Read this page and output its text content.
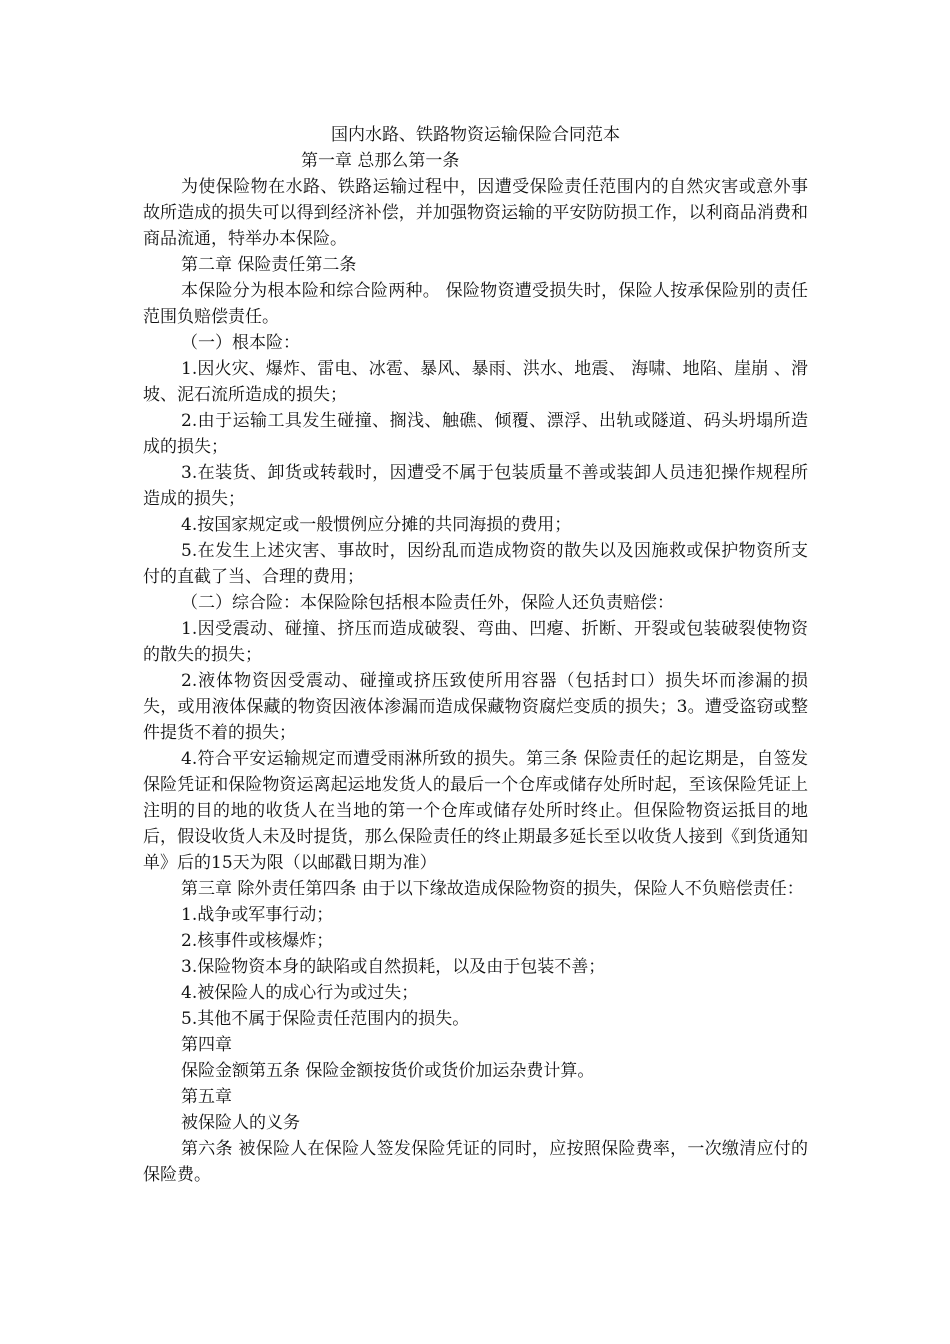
国内水路、铁路物资运输保险合同范本
第一章 总那么第一条

为使保险物在水路、铁路运输过程中，因遭受保险责任范围内的自然灾害或意外事故所造成的损失可以得到经济补偿，并加强物资运输的平安防防损工作，以利商品消费和商品流通，特举办本保险。

第二章 保险责任第二条

本保险分为根本险和综合险两种。 保险物资遭受损失时，保险人按承保险别的责任范围负赔偿责任。

（一）根本险：

1.因火灾、爆炸、雷电、冰雹、暴风、暴雨、洪水、地震、 海啸、地陷、崖崩 、滑坡、泥石流所造成的损失；

2.由于运输工具发生碰撞、搁浅、触礁、倾覆、漂浮、出轨或隧道、码头坍塌所造成的损失；

3.在装货、卸货或转载时，因遭受不属于包装质量不善或装卸人员违犯操作规程所造成的损失；

4.按国家规定或一般惯例应分摊的共同海损的费用；

5.在发生上述灾害、事故时，因纷乱而造成物资的散失以及因施救或保护物资所支付的直截了当、合理的费用；

（二）综合险：本保险除包括根本险责任外，保险人还负责赔偿：

1.因受震动、碰撞、挤压而造成破裂、弯曲、凹瘪、折断、开裂或包装破裂使物资的散失的损失；

2.液体物资因受震动、碰撞或挤压致使所用容器（包括封口）损失坏而渗漏的损失，或用液体保藏的物资因液体渗漏而造成保藏物资腐烂变质的损失；3。遭受盗窃或整件提货不着的损失；

4.符合平安运输规定而遭受雨淋所致的损失。第三条 保险责任的起讫期是，自签发保险凭证和保险物资运离起运地发货人的最后一个仓库或储存处所时起，至该保险凭证上注明的目的地的收货人在当地的第一个仓库或储存处所时终止。但保险物资运抵目的地后，假设收货人未及时提货，那么保险责任的终止期最多延长至以收货人接到《到货通知单》后的15天为限（以邮戳日期为准）

第三章 除外责任第四条 由于以下缘故造成保险物资的损失，保险人不负赔偿责任：

1.战争或军事行动；

2.核事件或核爆炸；

3.保险物资本身的缺陷或自然损耗，以及由于包装不善；

4.被保险人的成心行为或过失；

5.其他不属于保险责任范围内的损失。

第四章

保险金额第五条 保险金额按货价或货价加运杂费计算。

第五章

被保险人的义务

第六条 被保险人在保险人签发保险凭证的同时，应按照保险费率，一次缴清应付的保险费。
